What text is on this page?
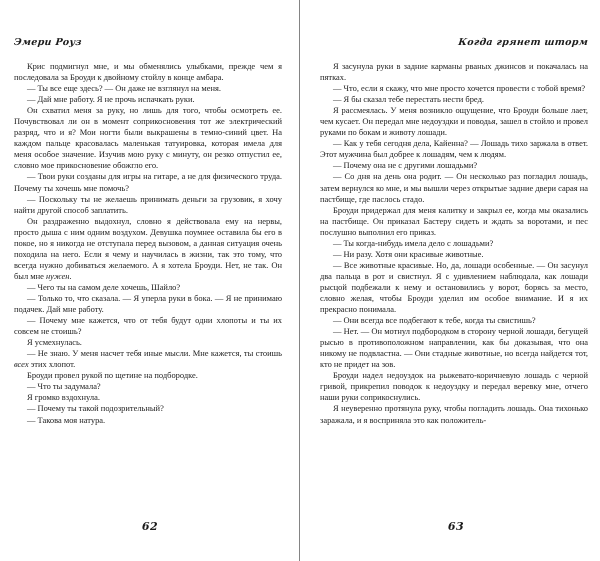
Эмери Роуз

Крис подмигнул мне, и мы обменялись улыбками, прежде чем я последовала за Броуди к двойному стойлу в конце амбара.

— Ты все еще здесь? — Он даже не взглянул на меня.

— Дай мне работу. Я не прочь испачкать руки.

Он схватил меня за руку, но лишь для того, чтобы осмотреть ее. Почувствовал ли он в момент соприкосновения тот же электрический разряд, что и я? Мои ногти были выкрашены в темно-синий цвет. На каждом пальце красовалась маленькая татуировка, которая имела для меня особое значение. Изучив мою руку с минуту, он резко отпустил ее, словно мое прикосновение обожгло его.

— Твои руки созданы для игры на гитаре, а не для физического труда. Почему ты хочешь мне помочь?

— Поскольку ты не желаешь принимать деньги за грузовик, я хочу найти другой способ заплатить.

Он раздраженно выдохнул, словно я действовала ему на нервы, просто дыша с ним одним воздухом. Девушка поумнее оставила бы его в покое, но я никогда не отступала перед вызовом, а данная ситуация очень походила на него. Если я чему и научилась в жизни, так это тому, что всегда нужно добиваться желаемого. А я хотела Броуди. Нет, не так. Он был мне нужен.

— Чего ты на самом деле хочешь, Шайло?

— Только то, что сказала. — Я уперла руки в бока. — Я не принимаю подачек. Дай мне работу.

— Почему мне кажется, что от тебя будут одни хлопоты и ты их совсем не стоишь?

Я усмехнулась.

— Не знаю. У меня насчет тебя иные мысли. Мне кажется, ты стоишь всех этих хлопот.

Броуди провел рукой по щетине на подбородке.

— Что ты задумала?

Я громко вздохнула.

— Почему ты такой подозрительный?

— Такова моя натура.

62
Когда грянет шторм

Я засунула руки в задние карманы рваных джинсов и покачалась на пятках.

— Что, если я скажу, что мне просто хочется провести с тобой время?

— Я бы сказал тебе перестать нести бред.

Я рассмеялась. У меня возникло ощущение, что Броуди больше лает, чем кусает. Он передал мне недоуздки и поводья, зашел в стойло и провел руками по бокам и животу лошади.

— Как у тебя сегодня дела, Кайенна? — Лошадь тихо заржала в ответ. Этот мужчина был добрее к лошадям, чем к людям.

— Почему она не с другими лошадьми?

— Со дня на день она родит. — Он несколько раз погладил лошадь, затем вернулся ко мне, и мы вышли через открытые задние двери сарая на пастбище, где паслось стадо.

Броуди придержал для меня калитку и закрыл ее, когда мы оказались на пастбище. Он приказал Бастеру сидеть и ждать за воротами, и пес послушно выполнил его приказ.

— Ты когда-нибудь имела дело с лошадьми?

— Ни разу. Хотя они красивые животные.

— Все животные красивые. Но, да, лошади особенные. — Он засунул два пальца в рот и свистнул. Я с удивлением наблюдала, как лошади рысцой подбежали к нему и остановились у ворот, борясь за место, словно желая, чтобы Броуди уделил им особое внимание. И я их прекрасно понимала.

— Они всегда все подбегают к тебе, когда ты свистишь?

— Нет. — Он мотнул подбородком в сторону черной лошади, бегущей рысью в противоположном направлении, как бы доказывая, что она никому не подвластна. — Они стадные животные, но всегда найдется тот, кто не придет на зов.

Броуди надел недоуздок на рыжевато-коричневую лошадь с черной гривой, прикрепил поводок к недоуздку и передал веревку мне, отчего наши руки соприкоснулись.

Я неуверенно протянула руку, чтобы погладить лошадь. Она тихонько заражала, и я восприняла это как положитель-

63
